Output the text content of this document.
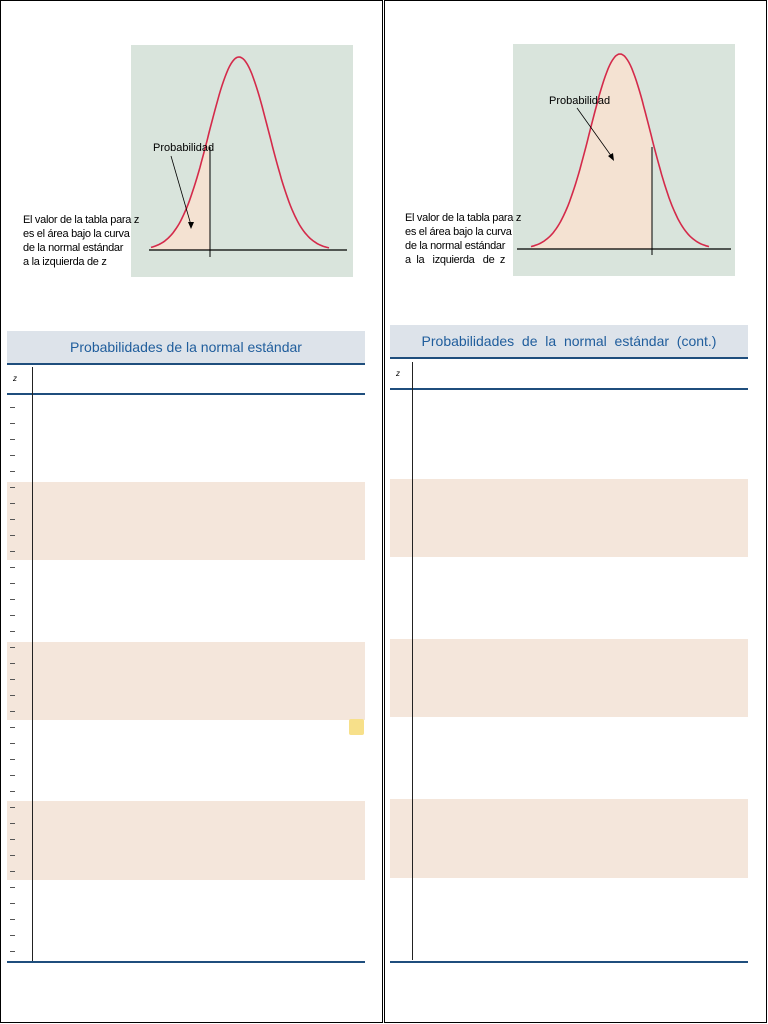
Probabilidad
El valor de la tabla para z
es el área bajo la curva
de la normal estándar
a la izquierda de z
Probabilidades de la normal estándar
z
Probabilidad
El valor de la tabla para z
es el área bajo la curva
de la normal estándar
a  la   izquierda   de  z
Probabilidades  de  la  normal  estándar  (cont.)
z
